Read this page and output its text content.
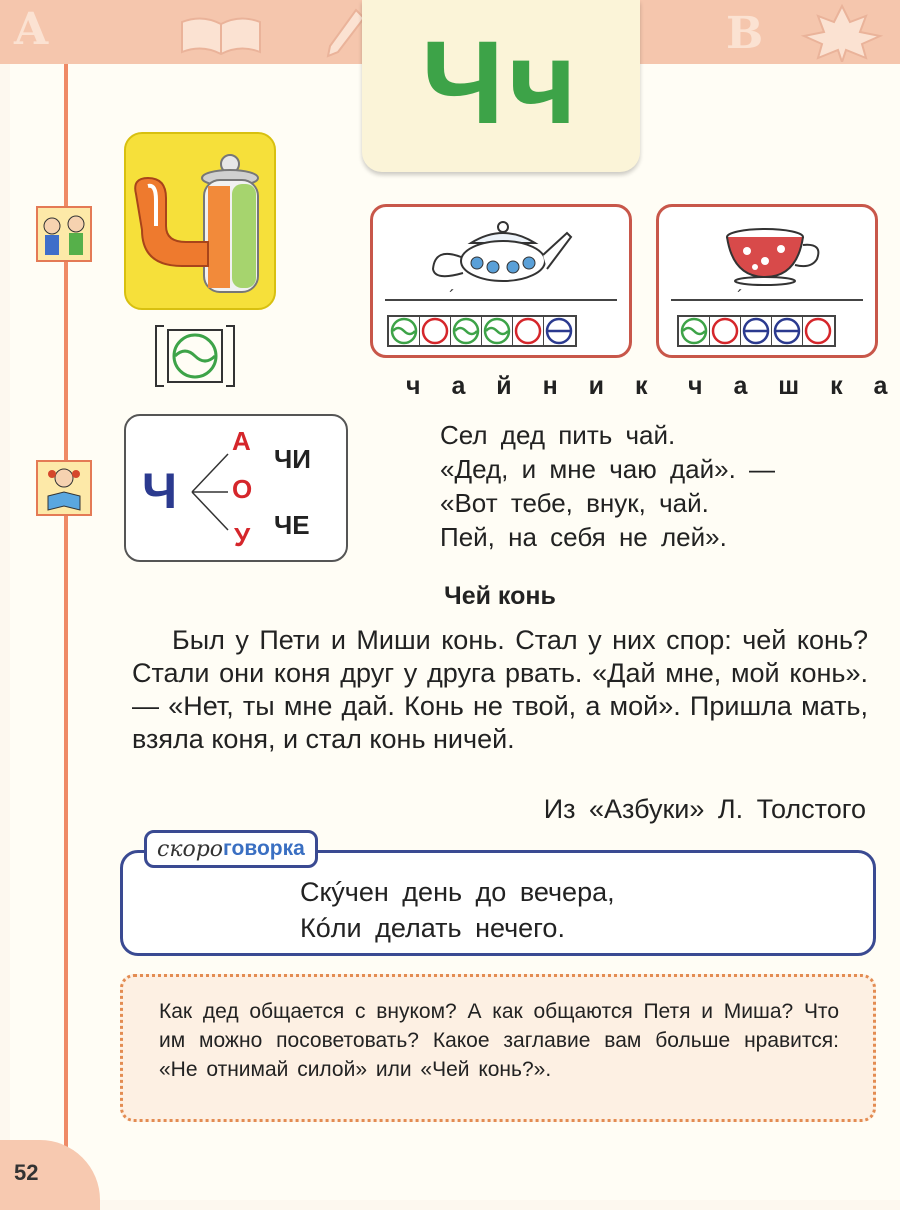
A	B
52
Чч
´	´
ч а й н и к ч а ш к а
Ч
А
О
У
ЧИ
ЧЕ
Сел дед пить чай.
«Дед, и мне чаю дай». —
«Вот тебе, внук, чай.
Пей, на себя не лей».
Чей конь
Был у Пети и Миши конь. Стал у них спор: чей конь? Стали они коня друг у друга рвать. «Дай мне, мой конь». — «Нет, ты мне дай. Конь не твой, а мой». Пришла мать, взяла коня, и стал конь ничей.
Из «Азбуки» Л. Толстого
скоро говорка
Скýчен день до вечера,
Кóли делать нечего.

Как дед общается с внуком? А как общаются Петя и Миша? Что им можно посоветовать? Какое заглавие вам больше нравится: «Не отнимай силой» или «Чей конь?».
